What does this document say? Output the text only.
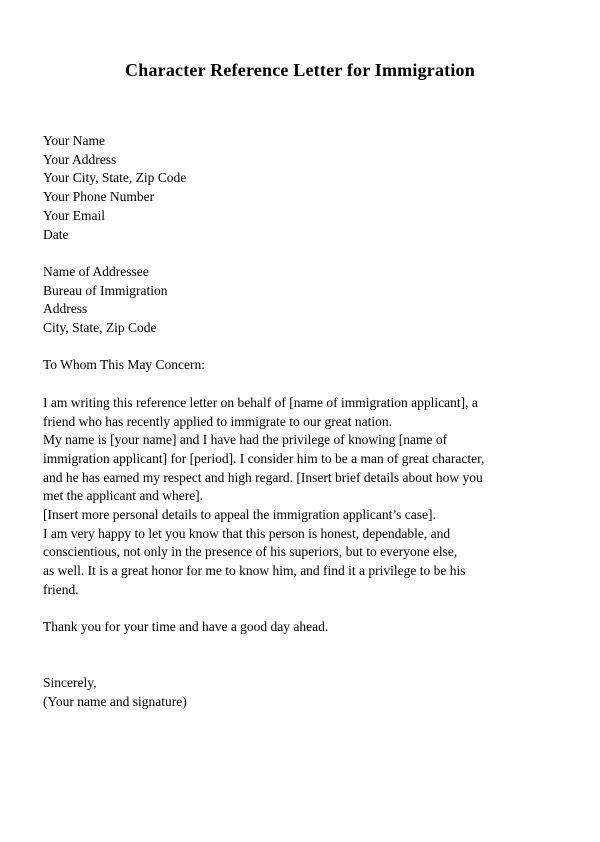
Character Reference Letter for Immigration
Your Name
Your Address
Your City, State, Zip Code
Your Phone Number
Your Email
Date
Name of Addressee
Bureau of Immigration
Address
City, State, Zip Code
To Whom This May Concern:
I am writing this reference letter on behalf of [name of immigration applicant], a
friend who has recently applied to immigrate to our great nation.
My name is [your name] and I have had the privilege of knowing [name of
immigration applicant] for [period]. I consider him to be a man of great character,
and he has earned my respect and high regard. [Insert brief details about how you
met the applicant and where].
[Insert more personal details to appeal the immigration applicant’s case].
I am very happy to let you know that this person is honest, dependable, and
conscientious, not only in the presence of his superiors, but to everyone else,
as well. It is a great honor for me to know him, and find it a privilege to be his
friend.
Thank you for your time and have a good day ahead.
Sincerely,
(Your name and signature)
